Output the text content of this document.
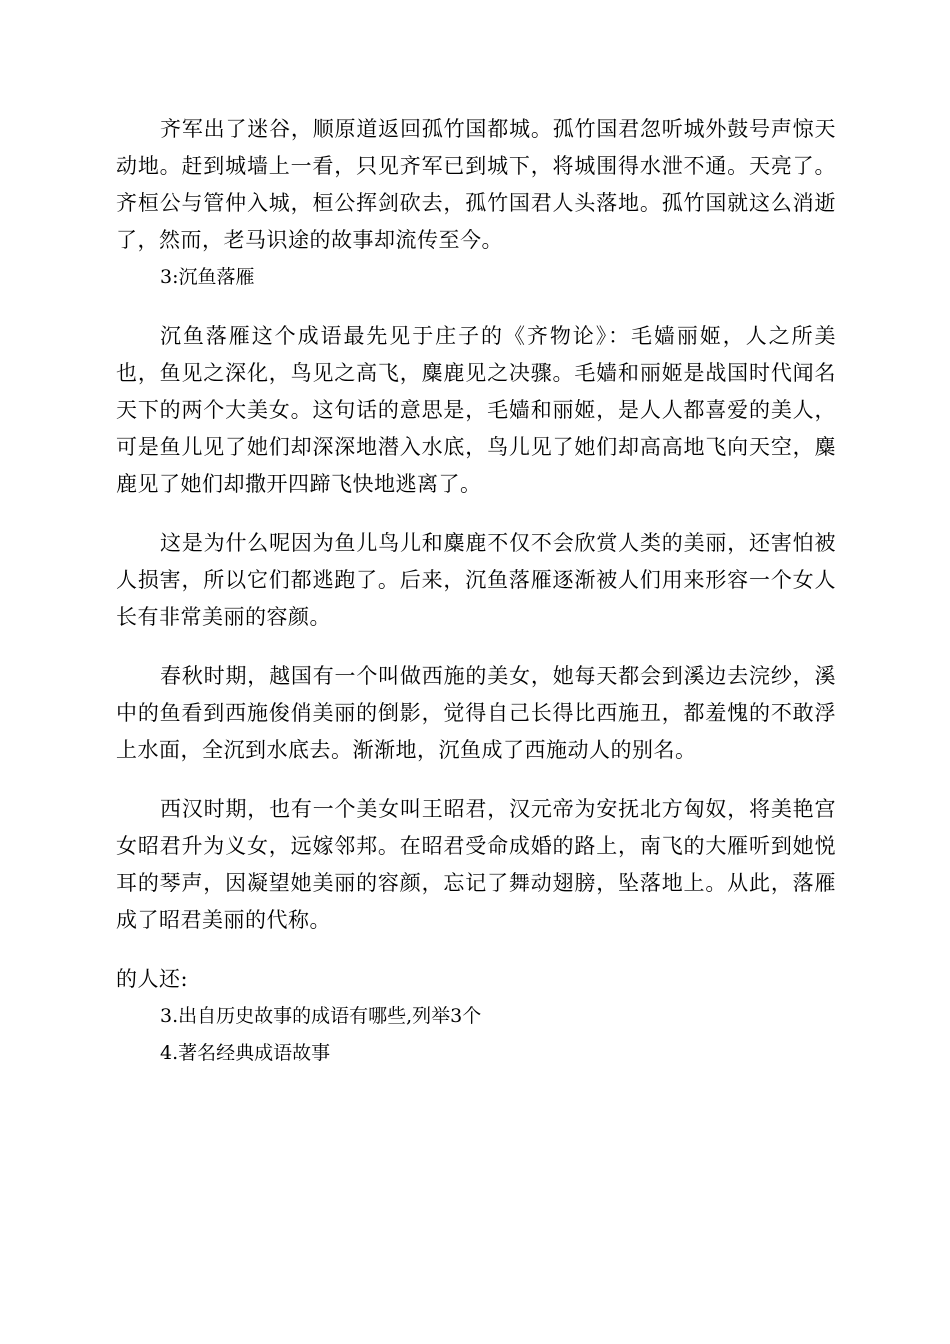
齐军出了迷谷，顺原道返回孤竹国都城。孤竹国君忽听城外鼓号声惊天动地。赶到城墙上一看，只见齐军已到城下，将城围得水泄不通。天亮了。齐桓公与管仲入城，桓公挥剑砍去，孤竹国君人头落地。孤竹国就这么消逝了，然而，老马识途的故事却流传至今。

3:沉鱼落雁

沉鱼落雁这个成语最先见于庄子的《齐物论》：毛嫱丽姬，人之所美也，鱼见之深化，鸟见之高飞，麋鹿见之决骤。毛嫱和丽姬是战国时代闻名天下的两个大美女。这句话的意思是，毛嫱和丽姬，是人人都喜爱的美人，可是鱼儿见了她们却深深地潜入水底，鸟儿见了她们却高高地飞向天空，麋鹿见了她们却撒开四蹄飞快地逃离了。

这是为什么呢因为鱼儿鸟儿和麋鹿不仅不会欣赏人类的美丽，还害怕被人损害，所以它们都逃跑了。后来，沉鱼落雁逐渐被人们用来形容一个女人长有非常美丽的容颜。

春秋时期，越国有一个叫做西施的美女，她每天都会到溪边去浣纱，溪中的鱼看到西施俊俏美丽的倒影，觉得自己长得比西施丑，都羞愧的不敢浮上水面，全沉到水底去。渐渐地，沉鱼成了西施动人的别名。

西汉时期，也有一个美女叫王昭君，汉元帝为安抚北方匈奴，将美艳宫女昭君升为义女，远嫁邻邦。在昭君受命成婚的路上，南飞的大雁听到她悦耳的琴声，因凝望她美丽的容颜，忘记了舞动翅膀，坠落地上。从此，落雁成了昭君美丽的代称。

的人还:

3.出自历史故事的成语有哪些,列举3个

4.著名经典成语故事
